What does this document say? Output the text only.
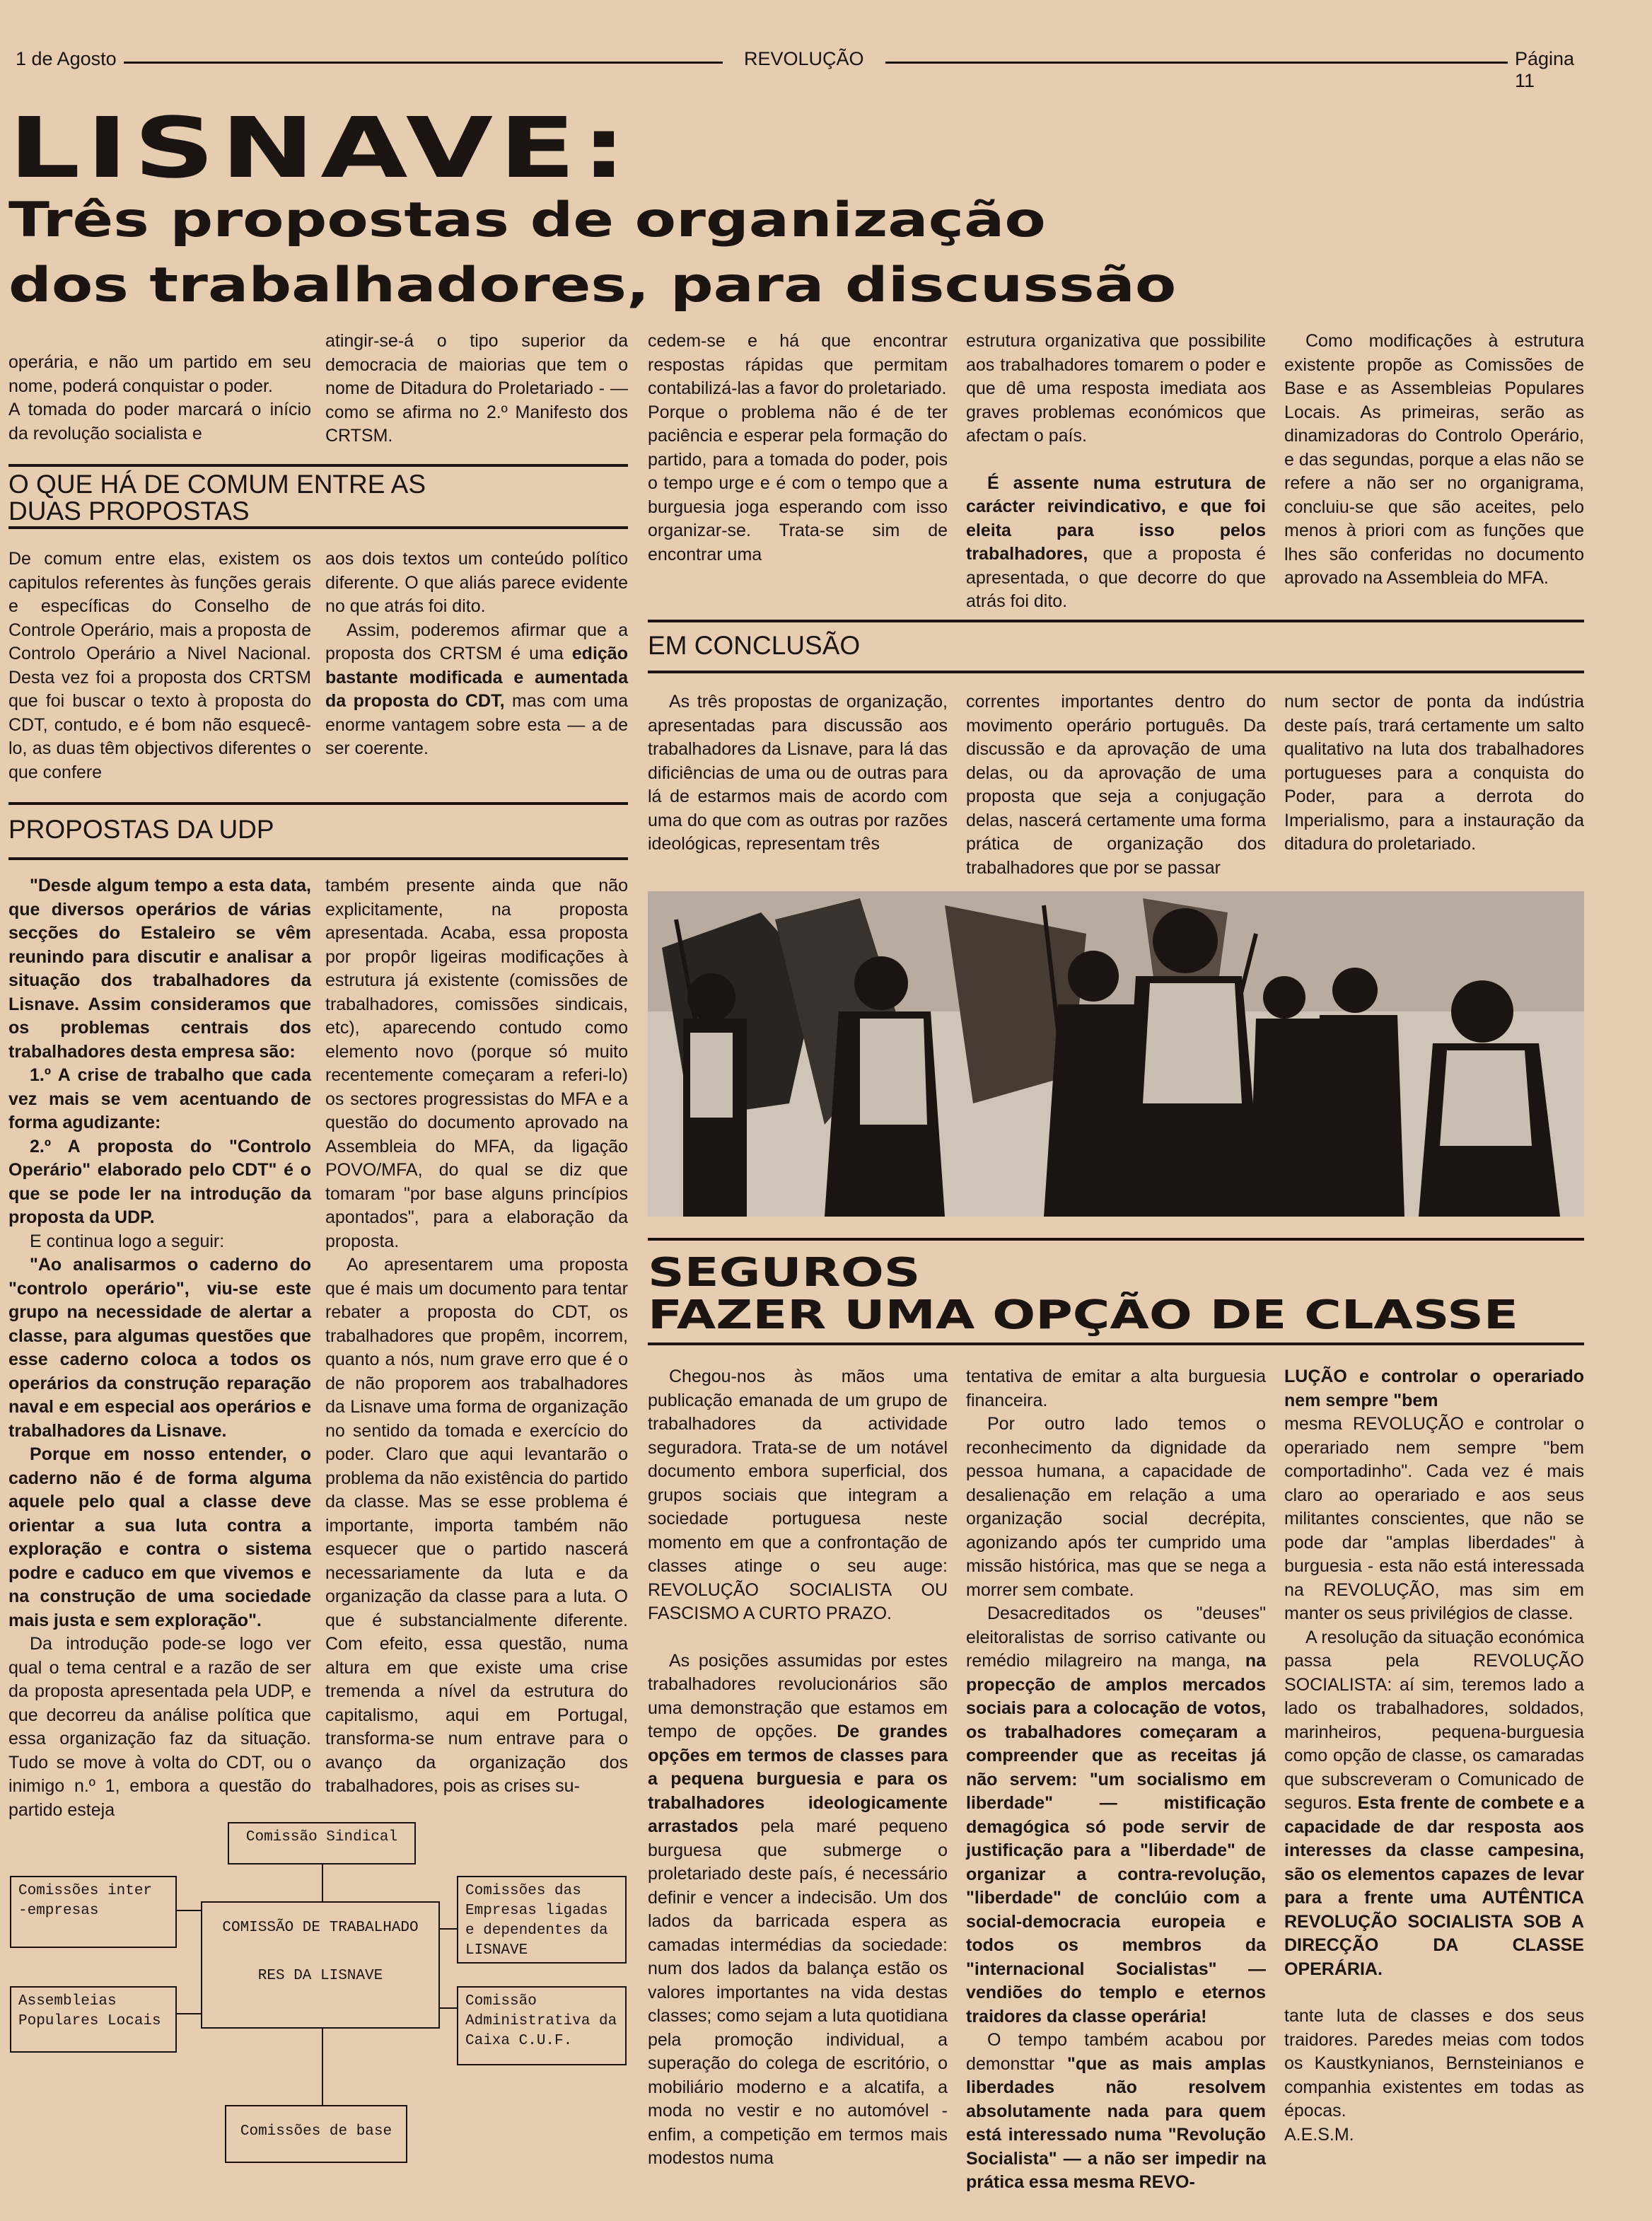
1 de Agosto	REVOLUÇÃO	Página 11
LISNAVE:
Três propostas de organização
dos trabalhadores, para discussão
operária, e não um partido em seu nome, poderá conquistar o poder.
A tomada do poder marcará o início da revolução socialista e
atingir-se-á o tipo superior da democracia de maiorias que tem o nome de Ditadura do Proletariado - — como se afirma no 2.º Manifesto dos CRTSM.
O QUE HÁ DE COMUM ENTRE AS DUAS PROPOSTAS
De comum entre elas, existem os capitulos referentes às funções gerais e específicas do Conselho de Controle Operário, mais a proposta de Controlo Operário a Nivel Nacional. Desta vez foi a proposta dos CRTSM que foi buscar o texto à proposta do CDT, contudo, e é bom não esquecê-lo, as duas têm objectivos diferentes o que confere

aos dois textos um conteúdo político diferente. O que aliás parece evidente no que atrás foi dito.

Assim, poderemos afirmar que a proposta dos CRTSM é uma edição bastante modificada e aumentada da proposta do CDT, mas com uma enorme vantagem sobre esta — a de ser coerente.

PROPOSTAS DA UDP

"Desde algum tempo a esta data, que diversos operários de várias secções do Estaleiro se vêm reunindo para discutir e analisar a situação dos trabalhadores da Lisnave. Assim consideramos que os problemas centrais dos trabalhadores desta empresa são:

1.º A crise de trabalho que cada vez mais se vem acentuando de forma agudizante:

2.º A proposta do "Controlo Operário" elaborado pelo CDT" é o que se pode ler na introdução da proposta da UDP.

E continua logo a seguir:

"Ao analisarmos o caderno do "controlo operário", viu-se este grupo na necessidade de alertar a classe, para algumas questões que esse caderno coloca a todos os operários da construção reparação naval e em especial aos operários e trabalhadores da Lisnave.

Porque em nosso entender, o caderno não é de forma alguma aquele pelo qual a classe deve orientar a sua luta contra a exploração e contra o sistema podre e caduco em que vivemos e na construção de uma sociedade mais justa e sem exploração".

Da introdução pode-se logo ver qual o tema central e a razão de ser da proposta apresentada pela UDP, e que decorreu da análise política que essa organização faz da situação. Tudo se move à volta do CDT, ou o inimigo n.º 1, embora a questão do partido esteja

também presente ainda que não explicitamente, na proposta apresentada. Acaba, essa proposta por propôr ligeiras modificações à estrutura já existente (comissões de trabalhadores, comissões sindicais, etc), aparecendo contudo como elemento novo (porque só muito recentemente começaram a referi-lo) os sectores progressistas do MFA e a questão do documento aprovado na Assembleia do MFA, da ligação POVO/MFA, do qual se diz que tomaram "por base alguns princípios apontados", para a elaboração da proposta.

Ao apresentarem uma proposta que é mais um documento para tentar rebater a proposta do CDT, os trabalhadores que propêm, incorrem, quanto a nós, num grave erro que é o de não proporem aos trabalhadores da Lisnave uma forma de organização no sentido da tomada e exercício do poder. Claro que aqui levantarão o problema da não existência do partido da classe. Mas se esse problema é importante, importa também não esquecer que o partido nascerá necessariamente da luta e da organização da classe para a luta. O que é substancialmente diferente. Com efeito, essa questão, numa altura em que existe uma crise tremenda a nível da estrutura do capitalismo, aqui em Portugal, transforma-se num entrave para o avanço da organização dos trabalhadores, pois as crises su-

Comissão Sindical
Comissões inter -empresas
COMISSÃO DE TRABALHADO
RES DA LISNAVE
Comissões das Empresas ligadas e dependentes da LISNAVE
Assembleias Populares Locais
Comissão Administrativa da Caixa C.U.F.
Comissões de base

cedem-se e há que encontrar respostas rápidas que permitam contabilizá-las a favor do proletariado.
Porque o problema não é de ter paciência e esperar pela formação do partido, para a tomada do poder, pois o tempo urge e é com o tempo que a burguesia joga esperando com isso organizar-se. Trata-se sim de encontrar uma

estrutura organizativa que possibilite aos trabalhadores tomarem o poder e que dê uma resposta imediata aos graves problemas económicos que afectam o país.

É assente numa estrutura de carácter reivindicativo, e que foi eleita para isso pelos trabalhadores, que a proposta é apresentada, o que decorre do que atrás foi dito.

Como modificações à estrutura existente propõe as Comissões de Base e as Assembleias Populares Locais. As primeiras, serão as dinamizadoras do Controlo Operário, e das segundas, porque a elas não se refere a não ser no organigrama, concluiu-se que são aceites, pelo menos à priori com as funções que lhes são conferidas no documento aprovado na Assembleia do MFA.
EM CONCLUSÃO
As três propostas de organização, apresentadas para discussão aos trabalhadores da Lisnave, para lá das dificiências de uma ou de outras para lá de estarmos mais de acordo com uma do que com as outras por razões ideológicas, representam três
correntes importantes dentro do movimento operário português. Da discussão e da aprovação de uma delas, ou da aprovação de uma proposta que seja a conjugação delas, nascerá certamente uma forma prática de organização dos trabalhadores que por se passar
num sector de ponta da indústria deste país, trará certamente um salto qualitativo na luta dos trabalhadores portugueses para a conquista do Poder, para a derrota do Imperialismo, para a instauração da ditadura do proletariado.
SEGUROS
FAZER UMA OPÇÃO DE CLASSE

Chegou-nos às mãos uma publicação emanada de um grupo de trabalhadores da actividade seguradora. Trata-se de um notável documento embora superficial, dos grupos sociais que integram a sociedade portuguesa neste momento em que a confrontação de classes atinge o seu auge: REVOLUÇÃO SOCIALISTA OU FASCISMO A CURTO PRAZO.

As posições assumidas por estes trabalhadores revolucionários são uma demonstração que estamos em tempo de opções. De grandes opções em termos de classes para a pequena burguesia e para os trabalhadores ideologicamente arrastados pela maré pequeno burguesa que submerge o proletariado deste país, é necessário definir e vencer a indecisão. Um dos lados da barricada espera as camadas intermédias da sociedade: num dos lados da balança estão os valores importantes na vida destas classes; como sejam a luta quotidiana pela promoção individual, a superação do colega de escritório, o mobiliário moderno e a alcatifa, a moda no vestir e no automóvel - enfim, a competição em termos mais modestos numa

tentativa de emitar a alta burguesia financeira.

Por outro lado temos o reconhecimento da dignidade da pessoa humana, a capacidade de desalienação em relação a uma organização social decrépita, agonizando após ter cumprido uma missão histórica, mas que se nega a morrer sem combate.

Desacreditados os "deuses" eleitoralistas de sorriso cativante ou remédio milagreiro na manga, na propecção de amplos mercados sociais para a colocação de votos, os trabalhadores começaram a compreender que as receitas já não servem: "um socialismo em liberdade" — mistificação demagógica só pode servir de justificação para a "liberdade" de organizar a contra-revolução, "liberdade" de conclúio com a social-democracia europeia e todos os membros da "internacional Socialistas" — vendiões do templo e eternos traidores da classe operária!

O tempo também acabou por demonsttar "que as mais amplas liberdades não resolvem absolutamente nada para quem está interessado numa "Revolução Socialista" — a não ser impedir na prática essa mesma REVO-

LUÇÃO e controlar o operariado nem sempre "bem

mesma REVOLUÇÃO e controlar o operariado nem sempre "bem comportadinho". Cada vez é mais claro ao operariado e aos seus militantes conscientes, que não se pode dar "amplas liberdades" à burguesia - esta não está interessada na REVOLUÇÃO, mas sim em manter os seus privilégios de classe.

A resolução da situação económica passa pela REVOLUÇÃO SOCIALISTA: aí sim, teremos lado a lado os trabalhadores, soldados, marinheiros, pequena-burguesia como opção de classe, os camaradas que subscreveram o Comunicado de seguros. Esta frente de combete e a capacidade de dar resposta aos interesses da classe campesina, são os elementos capazes de levar para a frente uma AUTÊNTICA REVOLUÇÃO SOCIALISTA SOB A DIRECÇÃO DA CLASSE OPERÁRIA.

tante luta de classes e dos seus traidores. Paredes meias com todos os Kaustkynianos, Bernsteinianos e companhia existentes em todas as épocas.

A.E.S.M.
